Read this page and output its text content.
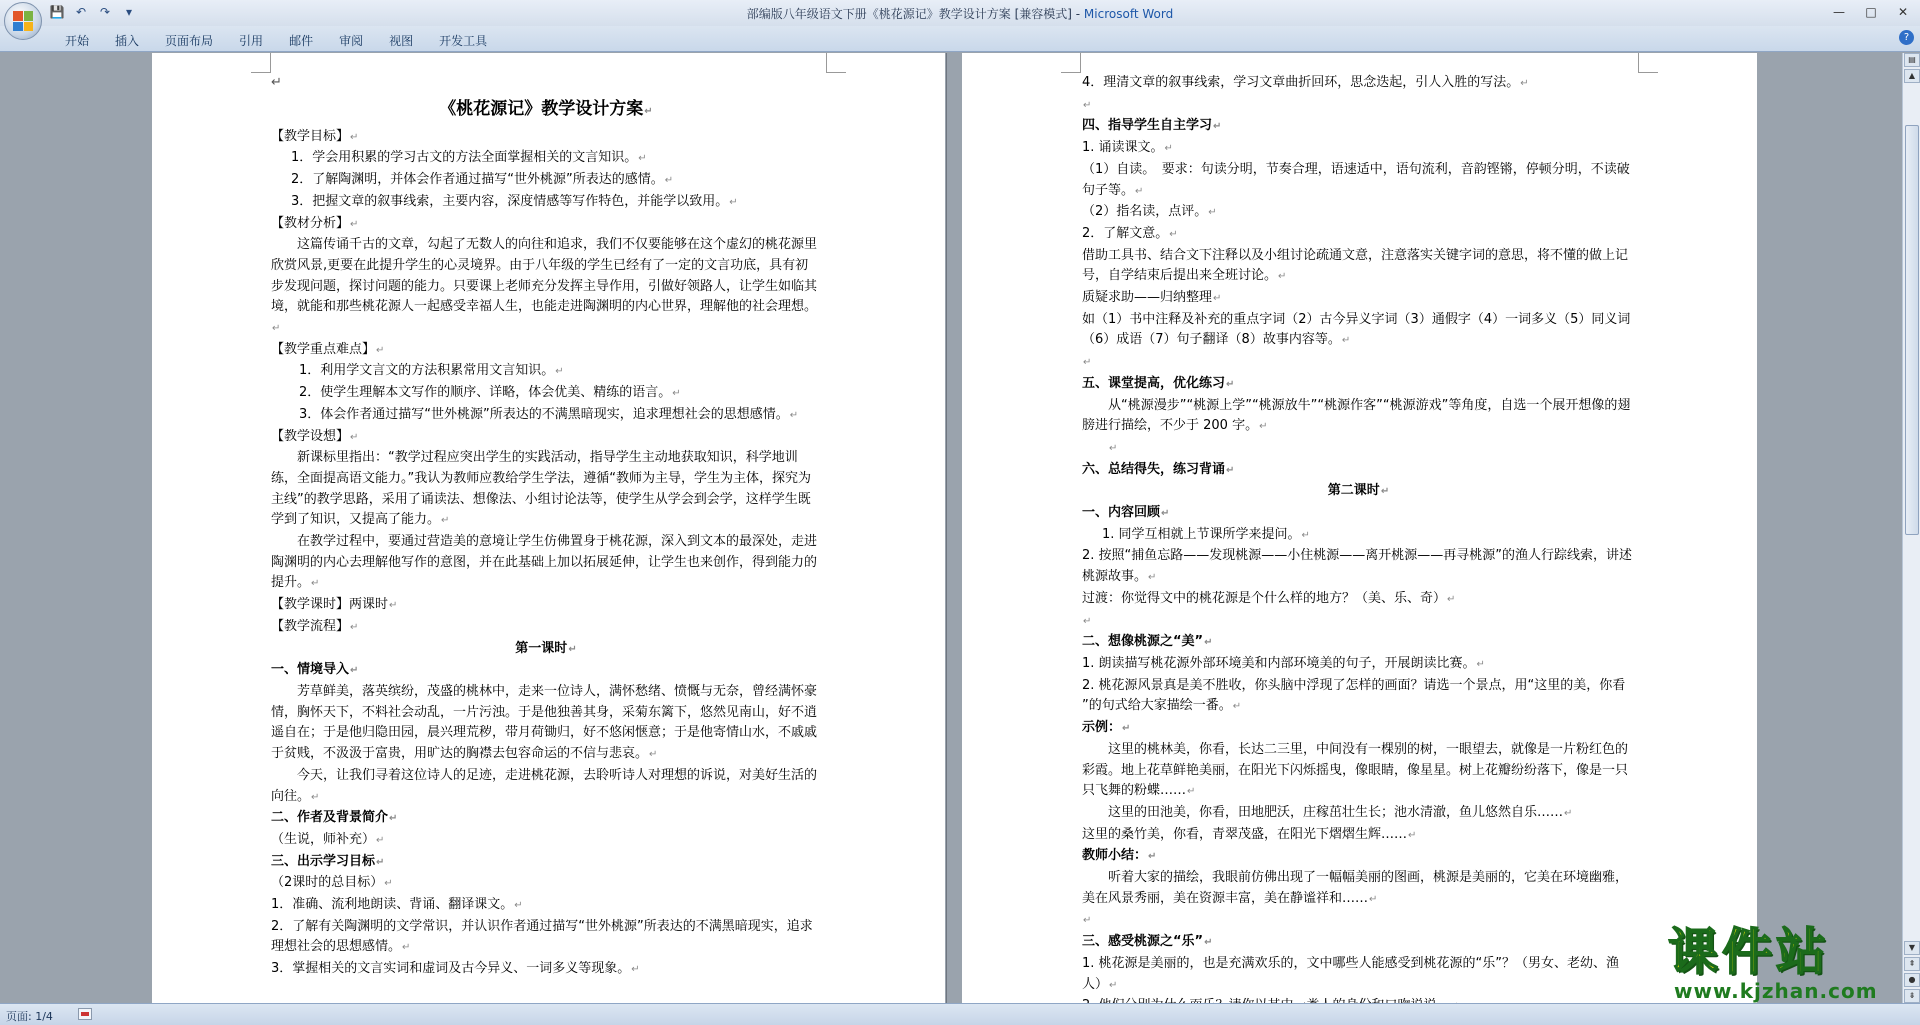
💾 ↶	↷	▾	部编版八年级语文下册《桃花源记》教学设计方案 [兼容模式] - Microsoft Word	—	□	✕
开始	插入	页面布局	引用	邮件	审阅	视图	开发工具	?

↵

《桃花源记》教学设计方案↵

【教学目标】↵

1．学会用积累的学习古文的方法全面掌握相关的文言知识。↵

2．了解陶渊明，并体会作者通过描写“世外桃源”所表达的感情。↵

3．把握文章的叙事线索，主要内容，深度情感等写作特色，并能学以致用。↵

【教材分析】↵

这篇传诵千古的文章，勾起了无数人的向往和追求，我们不仅要能够在这个虚幻的桃花源里欣赏风景,更要在此提升学生的心灵境界。由于八年级的学生已经有了一定的文言功底，具有初步发现问题，探讨问题的能力。只要课上老师充分发挥主导作用，引做好领路人，让学生如临其境，就能和那些桃花源人一起感受幸福人生，也能走进陶渊明的内心世界，理解他的社会理想。↵

【教学重点难点】↵

1．利用学文言文的方法积累常用文言知识。↵

2．使学生理解本文写作的顺序、详略，体会优美、精练的语言。↵

3．体会作者通过描写“世外桃源”所表达的不满黑暗现实，追求理想社会的思想感情。↵

【教学设想】↵

新课标里指出：“教学过程应突出学生的实践活动，指导学生主动地获取知识，科学地训练，全面提高语文能力。”我认为教师应教给学生学法，遵循“教师为主导，学生为主体，探究为主线”的教学思路，采用了诵读法、想像法、小组讨论法等，使学生从学会到会学，这样学生既学到了知识，又提高了能力。↵

在教学过程中，要通过营造美的意境让学生仿佛置身于桃花源，深入到文本的最深处，走进陶渊明的内心去理解他写作的意图，并在此基础上加以拓展延伸，让学生也来创作，得到能力的提升。↵

【教学课时】两课时↵

【教学流程】↵

第一课时↵

一、情境导入↵

芳草鲜美，落英缤纷，茂盛的桃林中，走来一位诗人，满怀愁绪、愤慨与无奈，曾经满怀豪情，胸怀天下，不料社会动乱，一片污浊。于是他独善其身，采菊东篱下，悠然见南山，好不逍遥自在；于是他归隐田园，晨兴理荒秽，带月荷锄归，好不悠闲惬意；于是他寄情山水，不戚戚于贫贱，不汲汲于富贵，用旷达的胸襟去包容命运的不信与悲哀。↵

今天，让我们寻着这位诗人的足迹，走进桃花源，去聆听诗人对理想的诉说，对美好生活的向往。↵

二、作者及背景简介↵

（生说，师补充）↵

三、出示学习目标↵

（2课时的总目标）↵

1．准确、流利地朗读、背诵、翻译课文。↵

2．了解有关陶渊明的文学常识，并认识作者通过描写“世外桃源”所表达的不满黑暗现实，追求理想社会的思想感情。↵

3．掌握相关的文言实词和虚词及古今异义、一词多义等现象。↵

4．理清文章的叙事线索，学习文章曲折回环，思念迭起，引人入胜的写法。↵

↵

四、指导学生自主学习↵

1. 诵读课文。↵

（1）自读。　要求：句读分明，节奏合理，语速适中，语句流利，音韵铿锵，停顿分明，不读破句子等。↵

（2）指名读，点评。↵

2．了解文意。↵

借助工具书、结合文下注释以及小组讨论疏通文意，注意落实关键字词的意思，将不懂的做上记号，自学结束后提出来全班讨论。↵

质疑求助——归纳整理↵

如（1）书中注释及补充的重点字词（2）古今异义字词（3）通假字（4）一词多义（5）同义词　（6）成语（7）句子翻译（8）故事内容等。↵

↵

五、课堂提高，优化练习↵

从“桃源漫步”“桃源上学”“桃源放牛”“桃源作客”“桃源游戏”等角度，自选一个展开想像的翅膀进行描绘，不少于 200 字。↵

↵

六、总结得失，练习背诵↵

第二课时↵

一、内容回顾↵

1. 同学互相就上节课所学来提问。↵

2. 按照“捕鱼忘路——发现桃源——小住桃源——离开桃源——再寻桃源”的渔人行踪线索，讲述桃源故事。↵

过渡：你觉得文中的桃花源是个什么样的地方？（美、乐、奇）↵

↵

二、想像桃源之“美”↵

1. 朗读描写桃花源外部环境美和内部环境美的句子，开展朗读比赛。↵

2. 桃花源风景真是美不胜收，你头脑中浮现了怎样的画面？请选一个景点，用“这里的美，你看　　　　　　”的句式给大家描绘一番。↵

示例：↵

这里的桃林美，你看，长达二三里，中间没有一棵别的树，一眼望去，就像是一片粉红色的彩霞。地上花草鲜艳美丽，在阳光下闪烁摇曳，像眼睛，像星星。树上花瓣纷纷落下，像是一只只飞舞的粉蝶……↵

这里的田池美，你看，田地肥沃，庄稼茁壮生长；池水清澈，鱼儿悠然自乐……↵

这里的桑竹美，你看，青翠茂盛，在阳光下熠熠生辉……↵

教师小结：↵

听着大家的描绘，我眼前仿佛出现了一幅幅美丽的图画，桃源是美丽的，它美在环境幽雅，美在风景秀丽，美在资源丰富，美在静谧祥和……↵

↵

三、感受桃源之“乐”↵

1. 桃花源是美丽的，也是充满欢乐的，文中哪些人能感受到桃花源的“乐”？（男女、老幼、渔人）↵

▤
▲
▼
⇞
●
⇟
页面: 1/4
课件站
www.kjzhan.com
